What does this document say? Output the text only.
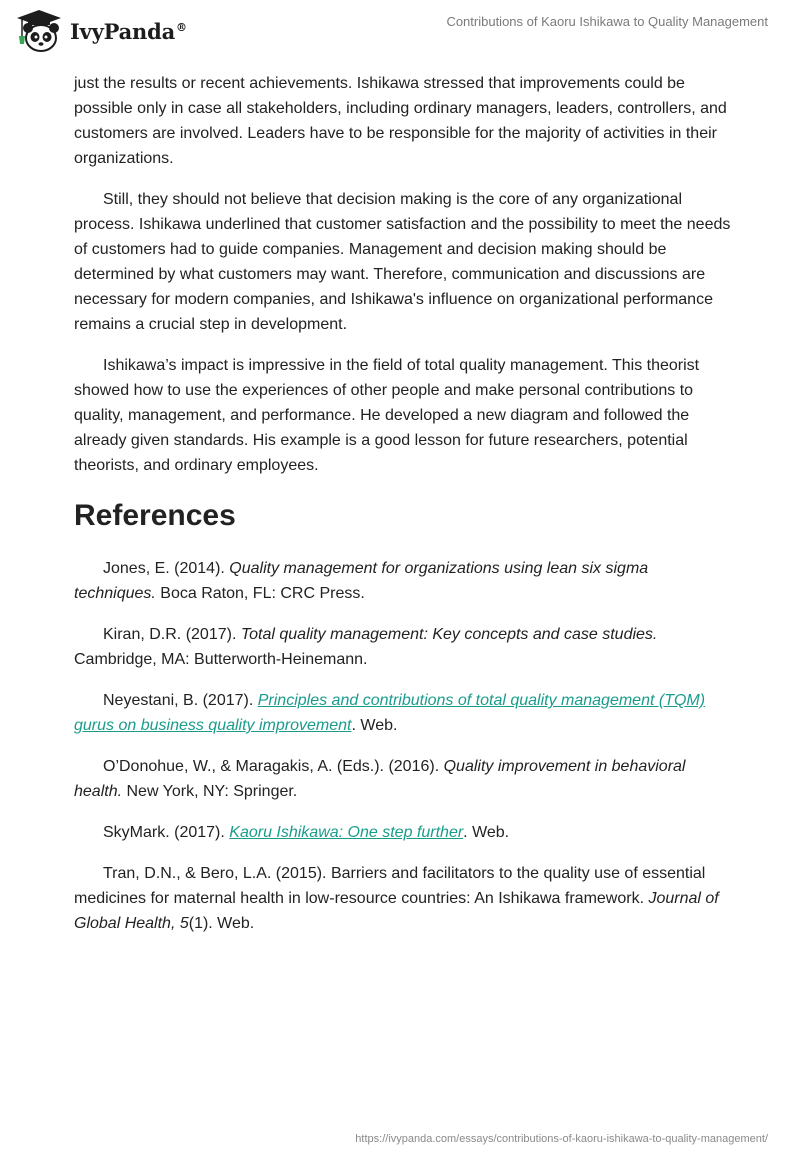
IvyPanda®	Contributions of Kaoru Ishikawa to Quality Management

just the results or recent achievements. Ishikawa stressed that improvements could be possible only in case all stakeholders, including ordinary managers, leaders, controllers, and customers are involved. Leaders have to be responsible for the majority of activities in their organizations.

Still, they should not believe that decision making is the core of any organizational process. Ishikawa underlined that customer satisfaction and the possibility to meet the needs of customers had to guide companies. Management and decision making should be determined by what customers may want. Therefore, communication and discussions are necessary for modern companies, and Ishikawa's influence on organizational performance remains a crucial step in development.

Ishikawa’s impact is impressive in the field of total quality management. This theorist showed how to use the experiences of other people and make personal contributions to quality, management, and performance. He developed a new diagram and followed the already given standards. His example is a good lesson for future researchers, potential theorists, and ordinary employees.

References

Jones, E. (2014). Quality management for organizations using lean six sigma techniques. Boca Raton, FL: CRC Press.

Kiran, D.R. (2017). Total quality management: Key concepts and case studies. Cambridge, MA: Butterworth-Heinemann.

Neyestani, B. (2017). Principles and contributions of total quality management (TQM) gurus on business quality improvement. Web.

O’Donohue, W., & Maragakis, A. (Eds.). (2016). Quality improvement in behavioral health. New York, NY: Springer.

SkyMark. (2017). Kaoru Ishikawa: One step further. Web.

Tran, D.N., & Bero, L.A. (2015). Barriers and facilitators to the quality use of essential medicines for maternal health in low-resource countries: An Ishikawa framework. Journal of Global Health, 5(1). Web.

https://ivypanda.com/essays/contributions-of-kaoru-ishikawa-to-quality-management/
